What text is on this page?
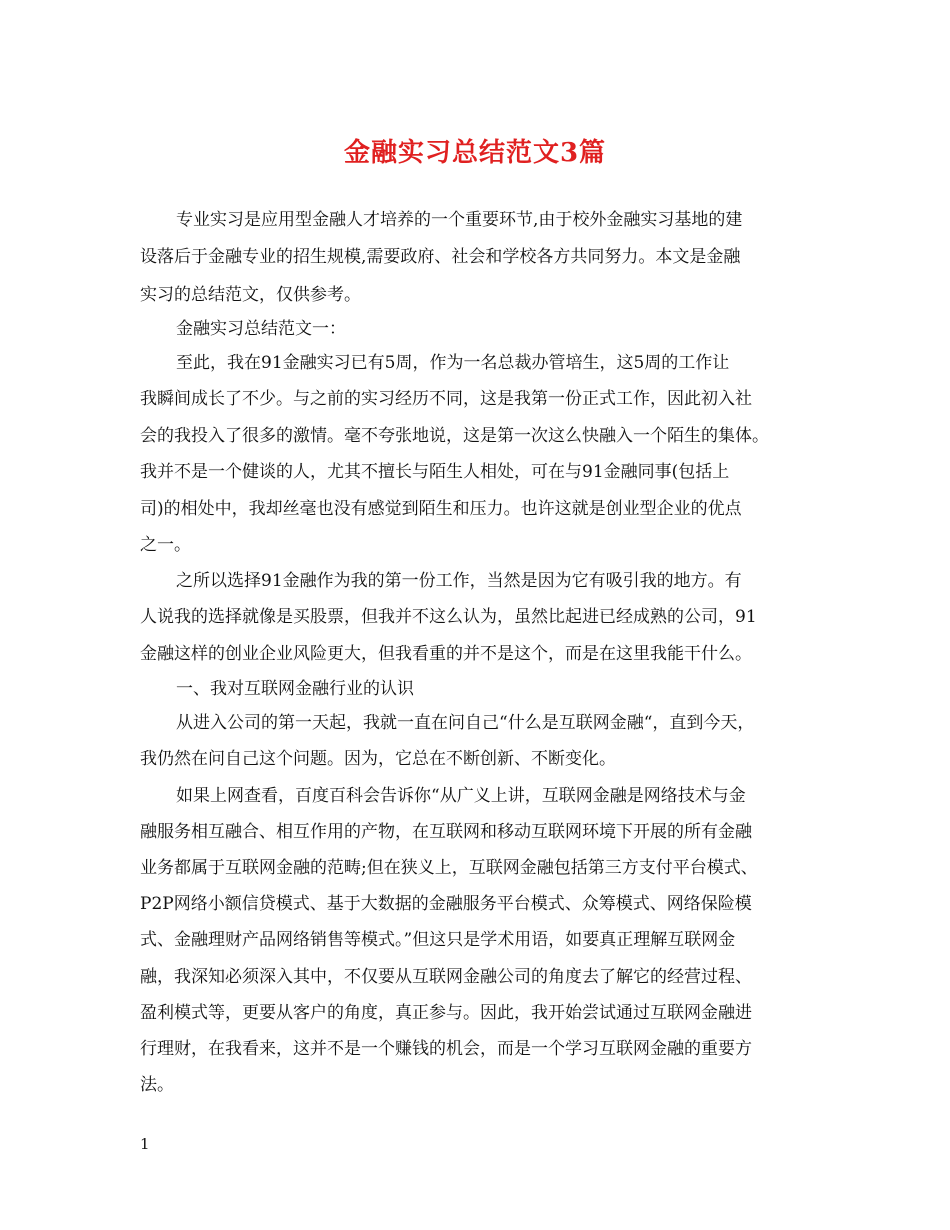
金融实习总结范文3篇
专业实习是应用型金融人才培养的一个重要环节,由于校外金融实习基地的建
设落后于金融专业的招生规模,需要政府、社会和学校各方共同努力。本文是金融
实习的总结范文，仅供参考。
金融实习总结范文一：
至此，我在91金融实习已有5周，作为一名总裁办管培生，这5周的工作让
我瞬间成长了不少。与之前的实习经历不同，这是我第一份正式工作，因此初入社
会的我投入了很多的激情。毫不夸张地说，这是第一次这么快融入一个陌生的集体。
我并不是一个健谈的人，尤其不擅长与陌生人相处，可在与91金融同事(包括上
司)的相处中，我却丝毫也没有感觉到陌生和压力。也许这就是创业型企业的优点
之一。
之所以选择91金融作为我的第一份工作，当然是因为它有吸引我的地方。有
人说我的选择就像是买股票，但我并不这么认为，虽然比起进已经成熟的公司，91
金融这样的创业企业风险更大，但我看重的并不是这个，而是在这里我能干什么。
一、我对互联网金融行业的认识
从进入公司的第一天起，我就一直在问自己“什么是互联网金融“，直到今天，
我仍然在问自己这个问题。因为，它总在不断创新、不断变化。
如果上网查看，百度百科会告诉你“从广义上讲，互联网金融是网络技术与金
融服务相互融合、相互作用的产物，在互联网和移动互联网环境下开展的所有金融
业务都属于互联网金融的范畴;但在狭义上，互联网金融包括第三方支付平台模式、
P2P网络小额信贷模式、基于大数据的金融服务平台模式、众筹模式、网络保险模
式、金融理财产品网络销售等模式。”但这只是学术用语，如要真正理解互联网金
融，我深知必须深入其中，不仅要从互联网金融公司的角度去了解它的经营过程、
盈利模式等，更要从客户的角度，真正参与。因此，我开始尝试通过互联网金融进
行理财，在我看来，这并不是一个赚钱的机会，而是一个学习互联网金融的重要方
法。
1
